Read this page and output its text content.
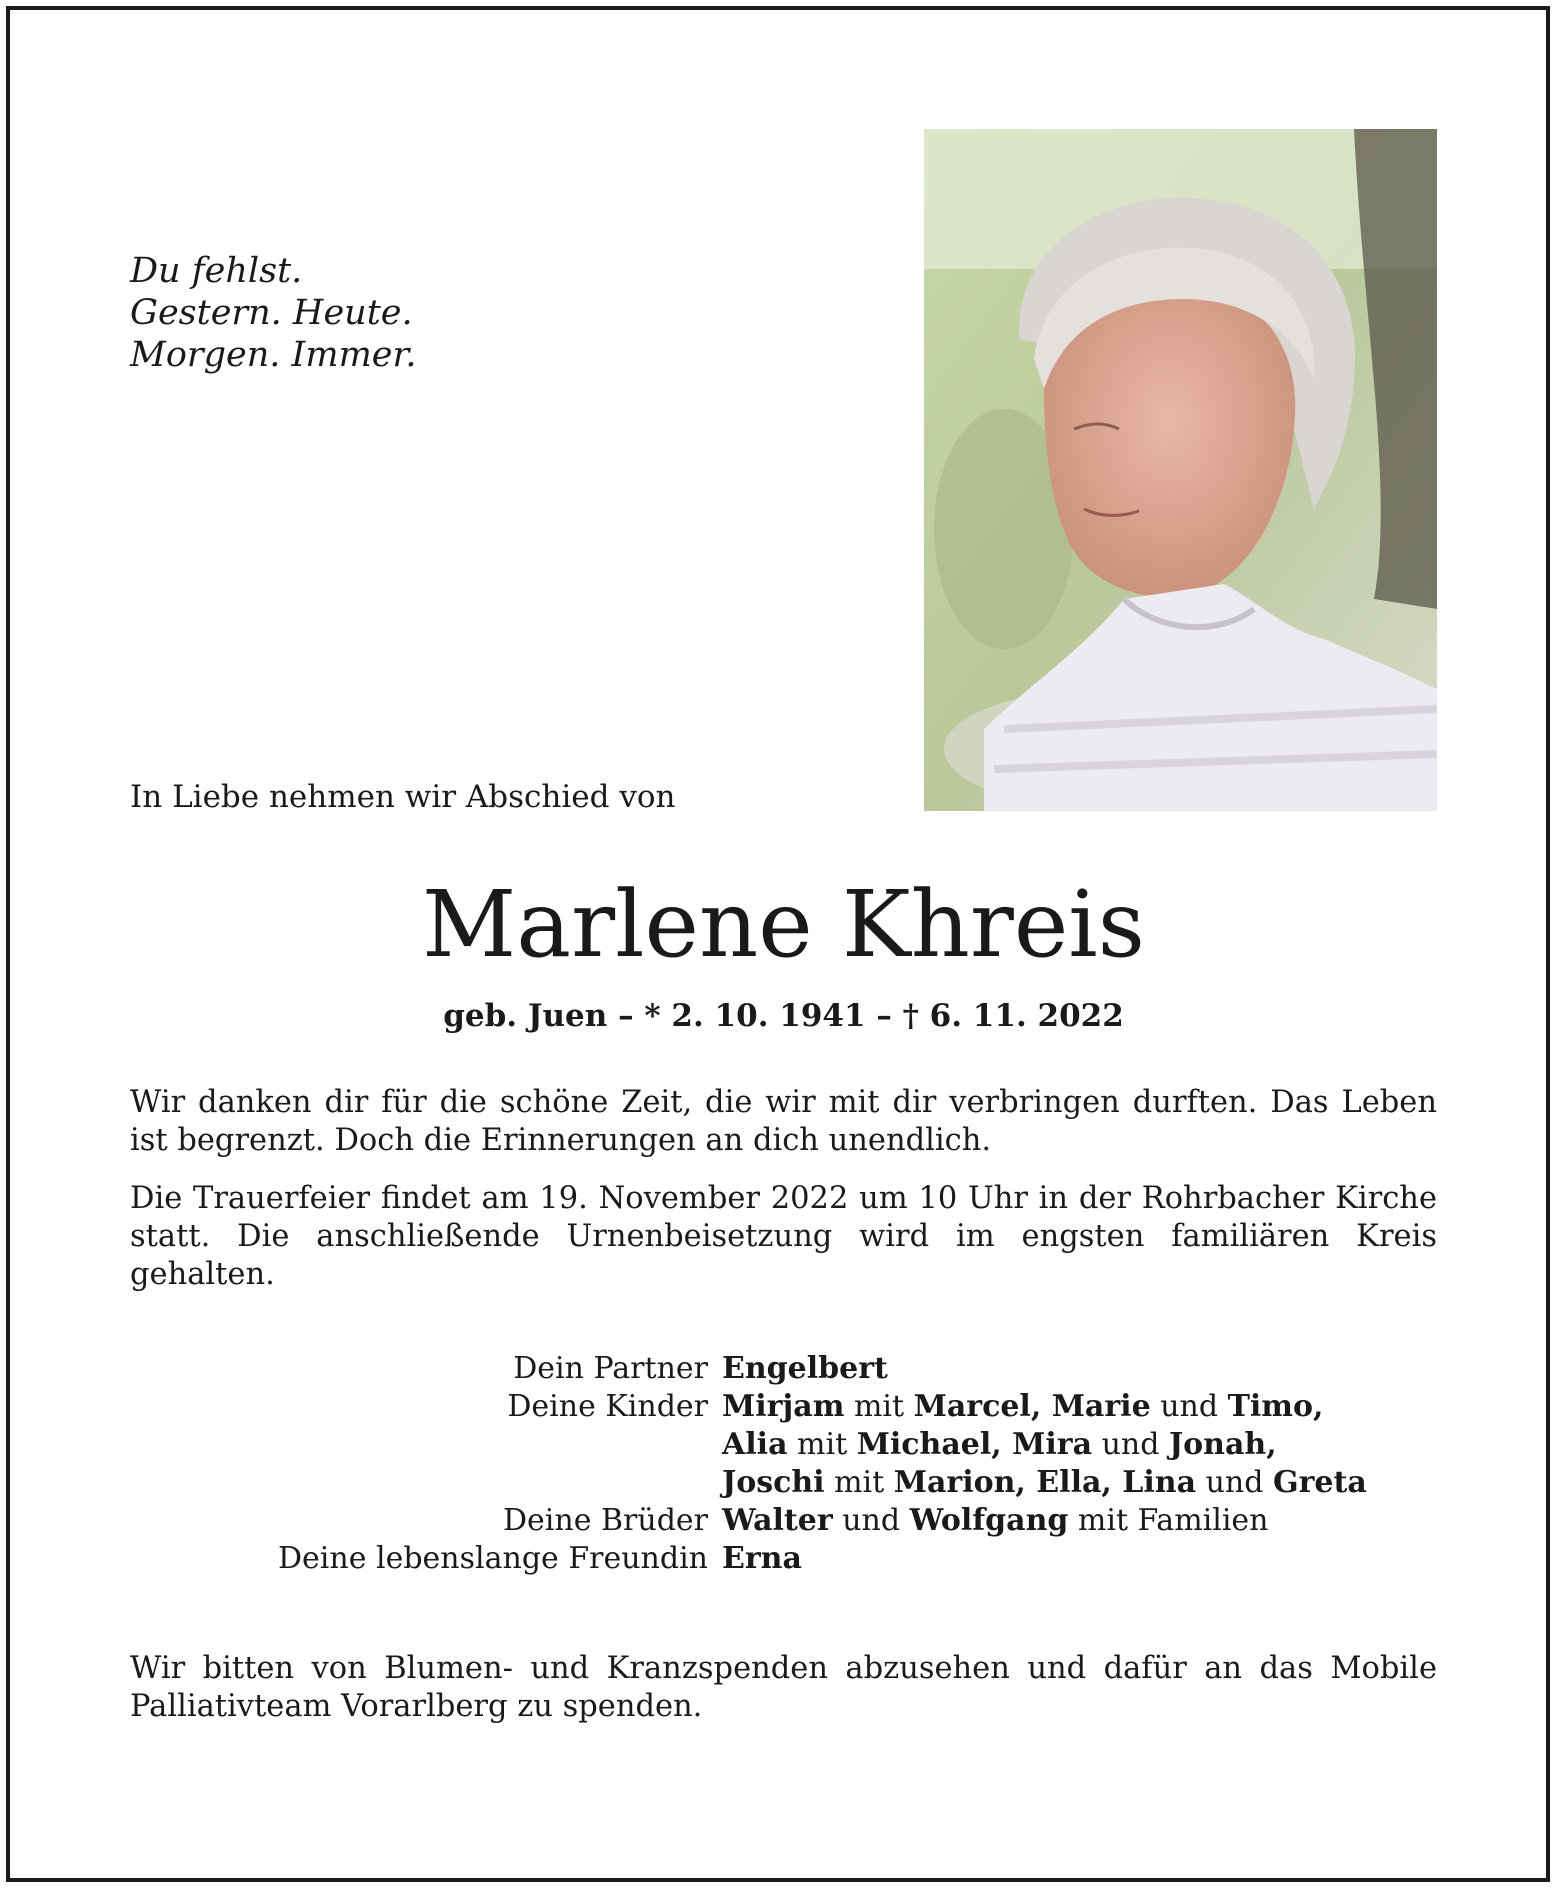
Du fehlst.
Gestern. Heute.
Morgen. Immer.
In Liebe nehmen wir Abschied von
Marlene Khreis
geb. Juen – * 2. 10. 1941 – † 6. 11. 2022
Wir danken dir für die schöne Zeit, die wir mit dir verbringen durften. Das Leben ist begrenzt. Doch die Erinnerungen an dich unendlich.
Die Trauerfeier findet am 19. November 2022 um 10 Uhr in der Rohrbacher Kirche statt. Die anschließende Urnenbeisetzung wird im engsten familiären Kreis gehalten.
Dein Partner Engelbert
Deine Kinder Mirjam mit Marcel, Marie und Timo,
Alia mit Michael, Mira und Jonah,
Joschi mit Marion, Ella, Lina und Greta
Deine Brüder Walter und Wolfgang mit Familien
Deine lebenslange Freundin Erna
Wir bitten von Blumen- und Kranzspenden abzusehen und dafür an das Mobile Palliativteam Vorarlberg zu spenden.
